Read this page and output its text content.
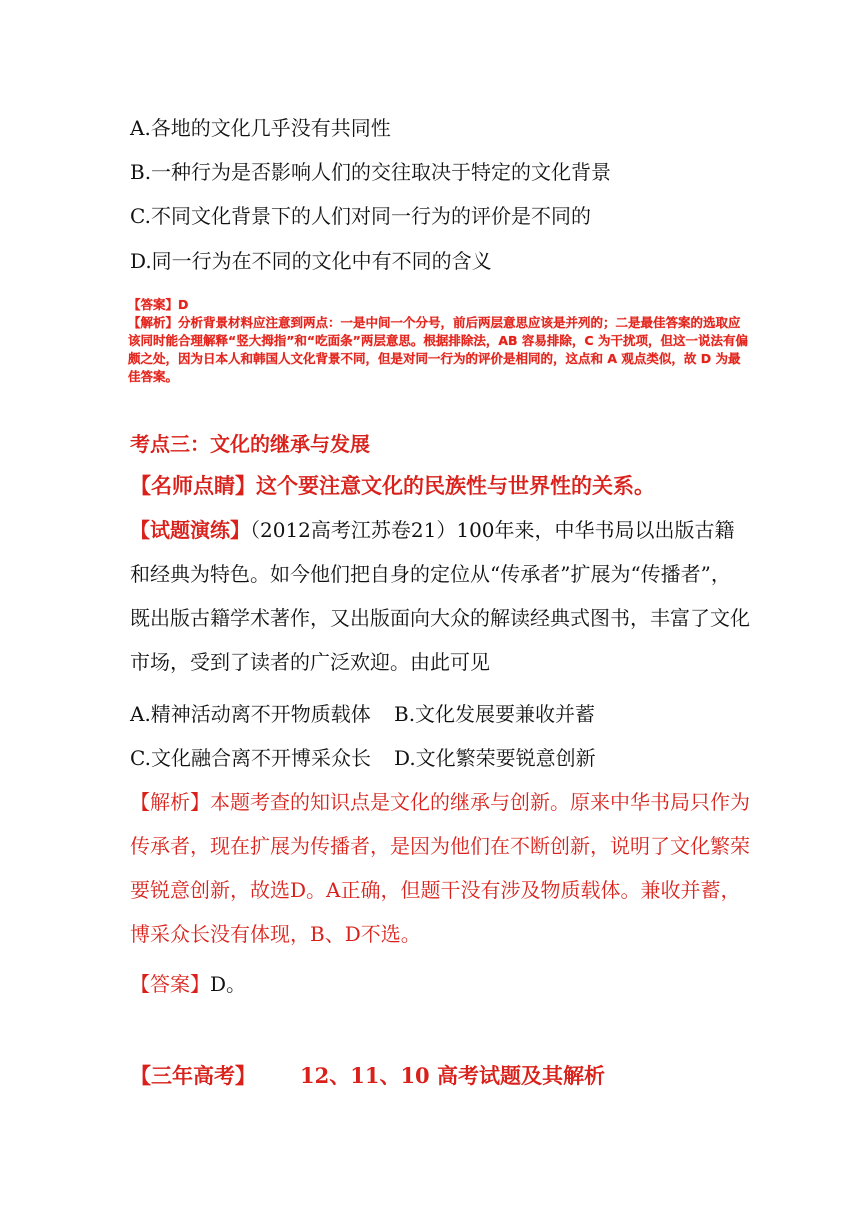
A.各地的文化几乎没有共同性
B.一种行为是否影响人们的交往取决于特定的文化背景
C.不同文化背景下的人们对同一行为的评价是不同的
D.同一行为在不同的文化中有不同的含义

【答案】D

【解析】分析背景材料应注意到两点：一是中间一个分号，前后两层意思应该是并列的；二是最佳答案的选取应该同时能合理解释“竖大拇指”和“吃面条”两层意思。根据排除法，AB 容易排除，C 为干扰项，但这一说法有偏颇之处，因为日本人和韩国人文化背景不同，但是对同一行为的评价是相同的，这点和 A 观点类似，故 D 为最佳答案。

考点三：文化的继承与发展
【名师点睛】这个要注意文化的民族性与世界性的关系。
【试题演练】（2012高考江苏卷21）100年来，中华书局以出版古籍和经典为特色。如今他们把自身的定位从“传承者”扩展为“传播者”，既出版古籍学术著作，又出版面向大众的解读经典式图书，丰富了文化市场，受到了读者的广泛欢迎。由此可见
A.精神活动离不开物质载体 B.文化发展要兼收并蓄
C.文化融合离不开博采众长 D.文化繁荣要锐意创新
【解析】本题考查的知识点是文化的继承与创新。原来中华书局只作为传承者，现在扩展为传播者，是因为他们在不断创新，说明了文化繁荣要锐意创新，故选D。A正确，但题干没有涉及物质载体。兼收并蓄，博采众长没有体现，B、D不选。
【答案】D。
【三年高考】 12、11、10 高考试题及其解析
